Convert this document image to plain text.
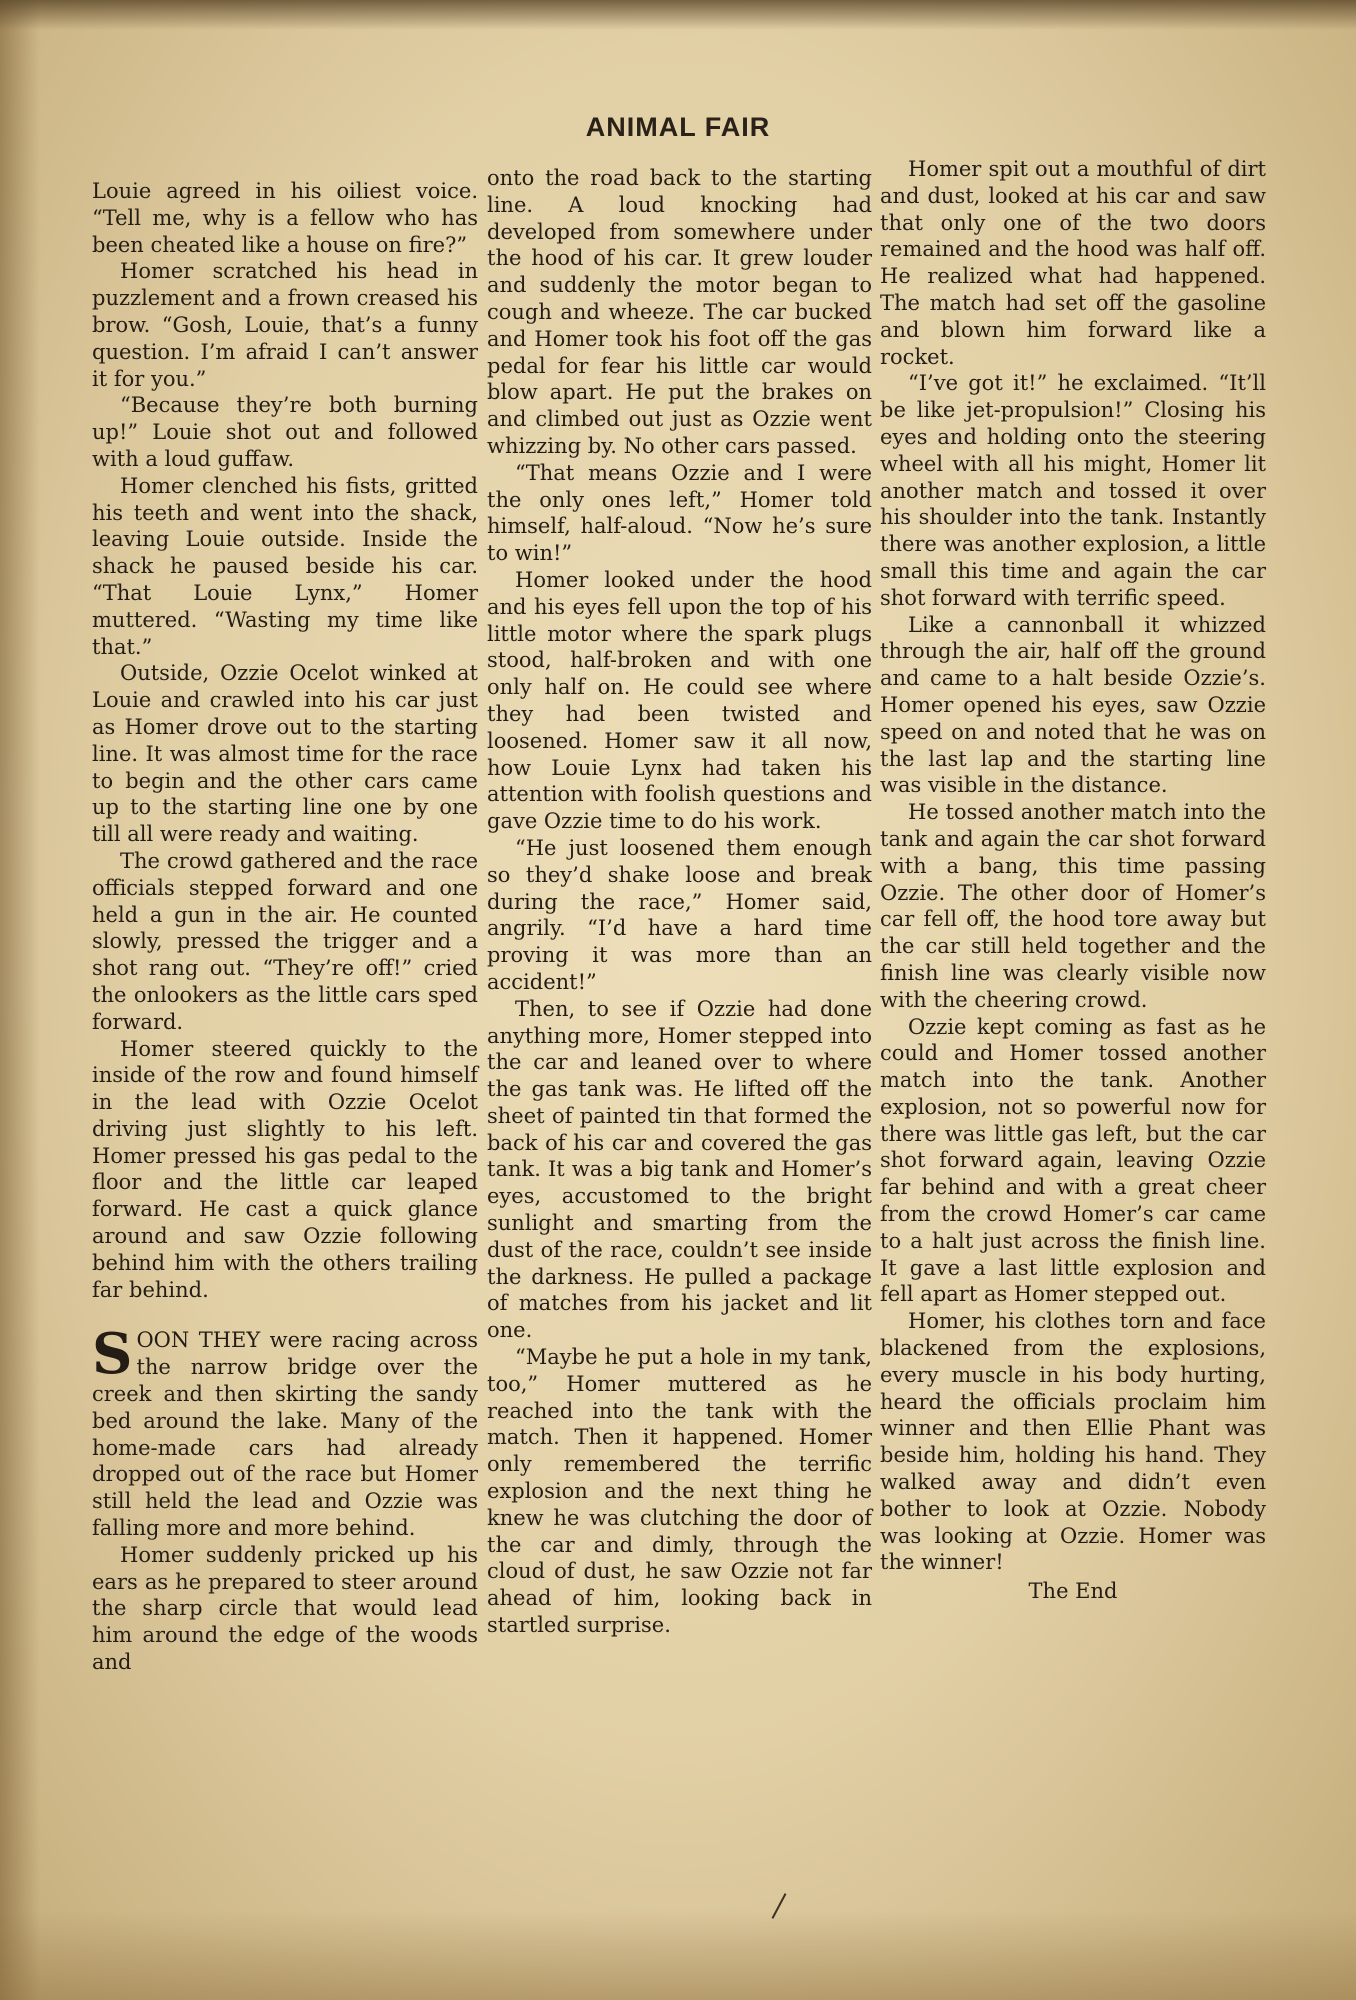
ANIMAL FAIR

Louie agreed in his oiliest voice. “Tell me, why is a fellow who has been cheated like a house on fire?”

Homer scratched his head in puzzlement and a frown creased his brow. “Gosh, Louie, that’s a funny question. I’m afraid I can’t answer it for you.”

“Because they’re both burning up!” Louie shot out and followed with a loud guffaw.

Homer clenched his fists, gritted his teeth and went into the shack, leaving Louie outside. Inside the shack he paused beside his car. “That Louie Lynx,” Homer muttered. “Wasting my time like that.”

Outside, Ozzie Ocelot winked at Louie and crawled into his car just as Homer drove out to the starting line. It was almost time for the race to begin and the other cars came up to the starting line one by one till all were ready and waiting.

The crowd gathered and the race officials stepped forward and one held a gun in the air. He counted slowly, pressed the trigger and a shot rang out. “They’re off!” cried the onlookers as the little cars sped forward.

Homer steered quickly to the inside of the row and found himself in the lead with Ozzie Ocelot driving just slightly to his left. Homer pressed his gas pedal to the floor and the little car leaped forward. He cast a quick glance around and saw Ozzie following behind him with the others trailing far behind.

SOON THEY were racing across the narrow bridge over the creek and then skirting the sandy bed around the lake. Many of the home-made cars had already dropped out of the race but Homer still held the lead and Ozzie was falling more and more behind.

Homer suddenly pricked up his ears as he prepared to steer around the sharp circle that would lead him around the edge of the woods and

onto the road back to the starting line. A loud knocking had developed from somewhere under the hood of his car. It grew louder and suddenly the motor began to cough and wheeze. The car bucked and Homer took his foot off the gas pedal for fear his little car would blow apart. He put the brakes on and climbed out just as Ozzie went whizzing by. No other cars passed.

“That means Ozzie and I were the only ones left,” Homer told himself, half-aloud. “Now he’s sure to win!”

Homer looked under the hood and his eyes fell upon the top of his little motor where the spark plugs stood, half-broken and with one only half on. He could see where they had been twisted and loosened. Homer saw it all now, how Louie Lynx had taken his attention with foolish questions and gave Ozzie time to do his work.

“He just loosened them enough so they’d shake loose and break during the race,” Homer said, angrily. “I’d have a hard time proving it was more than an accident!”

Then, to see if Ozzie had done anything more, Homer stepped into the car and leaned over to where the gas tank was. He lifted off the sheet of painted tin that formed the back of his car and covered the gas tank. It was a big tank and Homer’s eyes, accustomed to the bright sunlight and smarting from the dust of the race, couldn’t see inside the darkness. He pulled a package of matches from his jacket and lit one.

“Maybe he put a hole in my tank, too,” Homer muttered as he reached into the tank with the match. Then it happened. Homer only remembered the terrific explosion and the next thing he knew he was clutching the door of the car and dimly, through the cloud of dust, he saw Ozzie not far ahead of him, looking back in startled surprise.

Homer spit out a mouthful of dirt and dust, looked at his car and saw that only one of the two doors remained and the hood was half off. He realized what had happened. The match had set off the gasoline and blown him forward like a rocket.

“I’ve got it!” he exclaimed. “It’ll be like jet-propulsion!” Closing his eyes and holding onto the steering wheel with all his might, Homer lit another match and tossed it over his shoulder into the tank. Instantly there was another explosion, a little small this time and again the car shot forward with terrific speed.

Like a cannonball it whizzed through the air, half off the ground and came to a halt beside Ozzie’s. Homer opened his eyes, saw Ozzie speed on and noted that he was on the last lap and the starting line was visible in the distance.

He tossed another match into the tank and again the car shot forward with a bang, this time passing Ozzie. The other door of Homer’s car fell off, the hood tore away but the car still held together and the finish line was clearly visible now with the cheering crowd.

Ozzie kept coming as fast as he could and Homer tossed another match into the tank. Another explosion, not so powerful now for there was little gas left, but the car shot forward again, leaving Ozzie far behind and with a great cheer from the crowd Homer’s car came to a halt just across the finish line. It gave a last little explosion and fell apart as Homer stepped out.

Homer, his clothes torn and face blackened from the explosions, every muscle in his body hurting, heard the officials proclaim him winner and then Ellie Phant was beside him, holding his hand. They walked away and didn’t even bother to look at Ozzie. Nobody was looking at Ozzie. Homer was the winner!

The End
